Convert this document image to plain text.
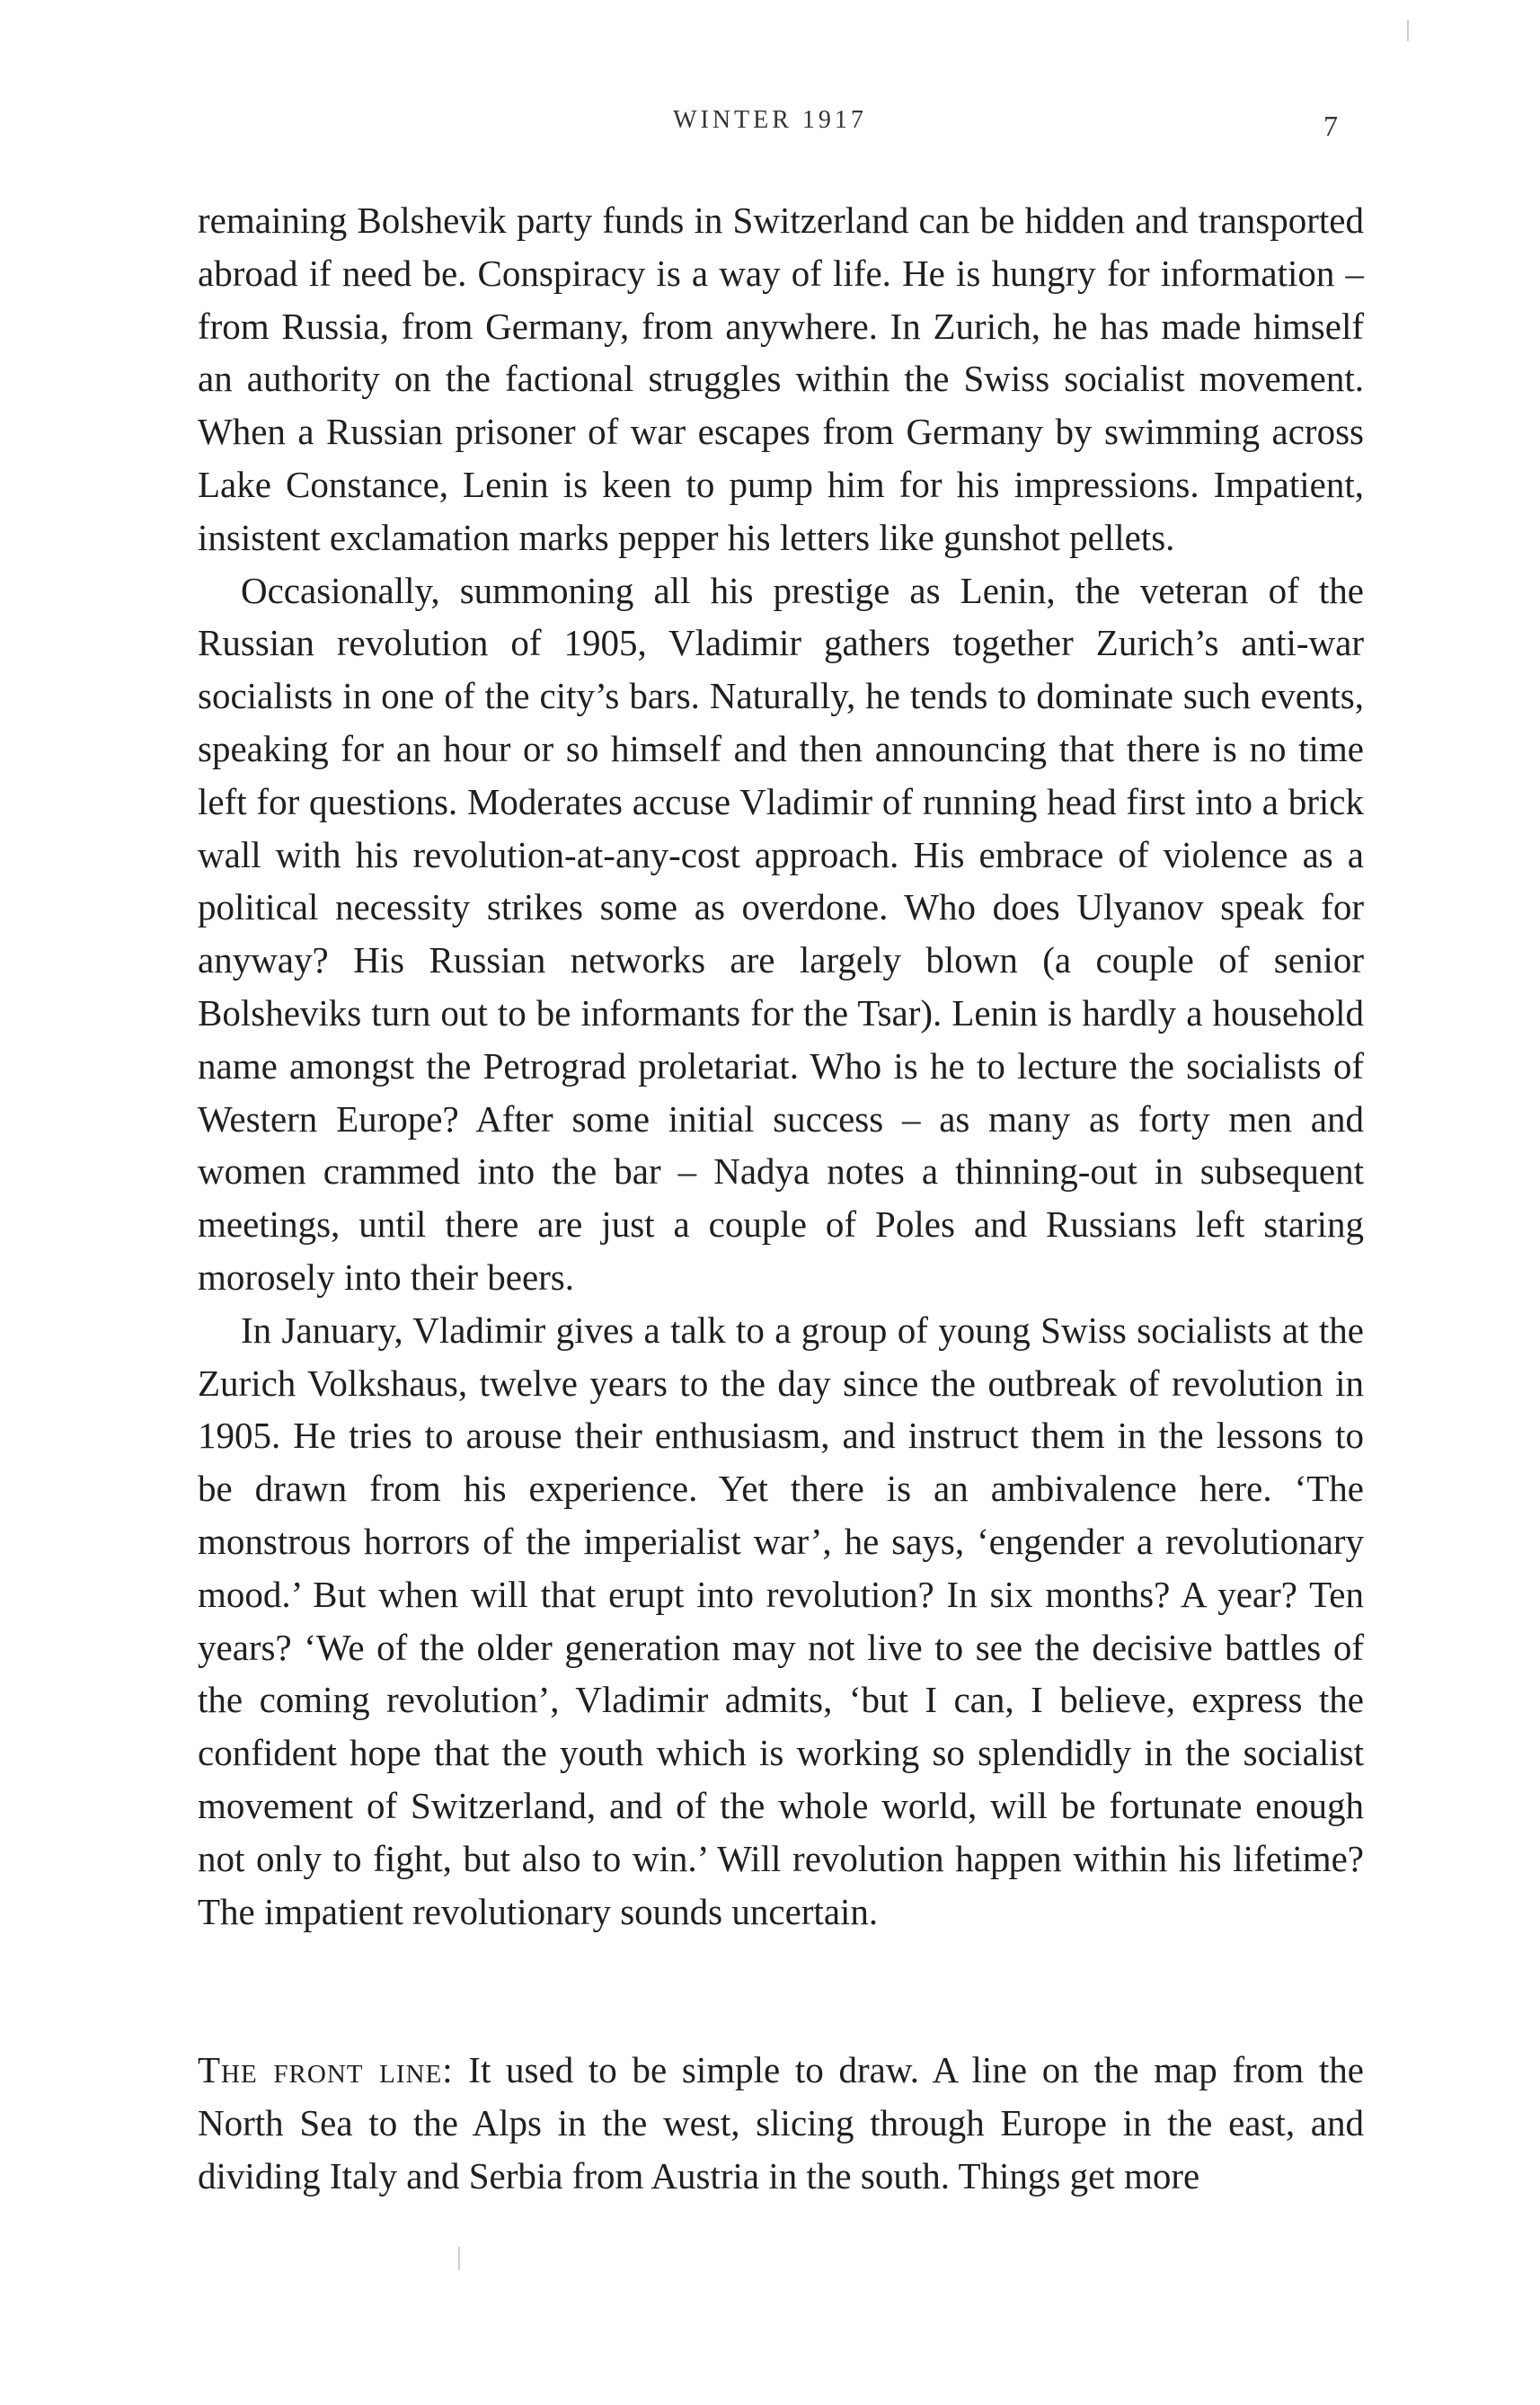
WINTER 1917	7

remaining Bolshevik party funds in Switzerland can be hidden and transported abroad if need be. Conspiracy is a way of life. He is hungry for information – from Russia, from Germany, from anywhere. In Zurich, he has made himself an authority on the factional struggles within the Swiss socialist movement. When a Russian prisoner of war escapes from Germany by swimming across Lake Constance, Lenin is keen to pump him for his impressions. Impatient, insistent exclamation marks pepper his letters like gunshot pellets.

Occasionally, summoning all his prestige as Lenin, the veteran of the Russian revolution of 1905, Vladimir gathers together Zurich’s anti-war socialists in one of the city’s bars. Naturally, he tends to dominate such events, speaking for an hour or so himself and then announcing that there is no time left for questions. Moderates accuse Vladimir of running head first into a brick wall with his revolution-at-any-cost approach. His embrace of violence as a political necessity strikes some as overdone. Who does Ulyanov speak for anyway? His Russian networks are largely blown (a couple of senior Bolsheviks turn out to be informants for the Tsar). Lenin is hardly a household name amongst the Petrograd proletariat. Who is he to lecture the socialists of Western Europe? After some initial success – as many as forty men and women crammed into the bar – Nadya notes a thinning-out in subsequent meetings, until there are just a couple of Poles and Russians left staring morosely into their beers.

In January, Vladimir gives a talk to a group of young Swiss socialists at the Zurich Volkshaus, twelve years to the day since the outbreak of revolution in 1905. He tries to arouse their enthusiasm, and instruct them in the lessons to be drawn from his experience. Yet there is an ambivalence here. ‘The monstrous horrors of the imperialist war’, he says, ‘engender a revolutionary mood.’ But when will that erupt into revolution? In six months? A year? Ten years? ‘We of the older generation may not live to see the decisive battles of the coming revolution’, Vladimir admits, ‘but I can, I believe, express the confident hope that the youth which is working so splendidly in the socialist movement of Switzerland, and of the whole world, will be fortunate enough not only to fight, but also to win.’ Will revolution happen within his lifetime? The impatient revolutionary sounds uncertain.

The front line: It used to be simple to draw. A line on the map from the North Sea to the Alps in the west, slicing through Europe in the east, and dividing Italy and Serbia from Austria in the south. Things get more
